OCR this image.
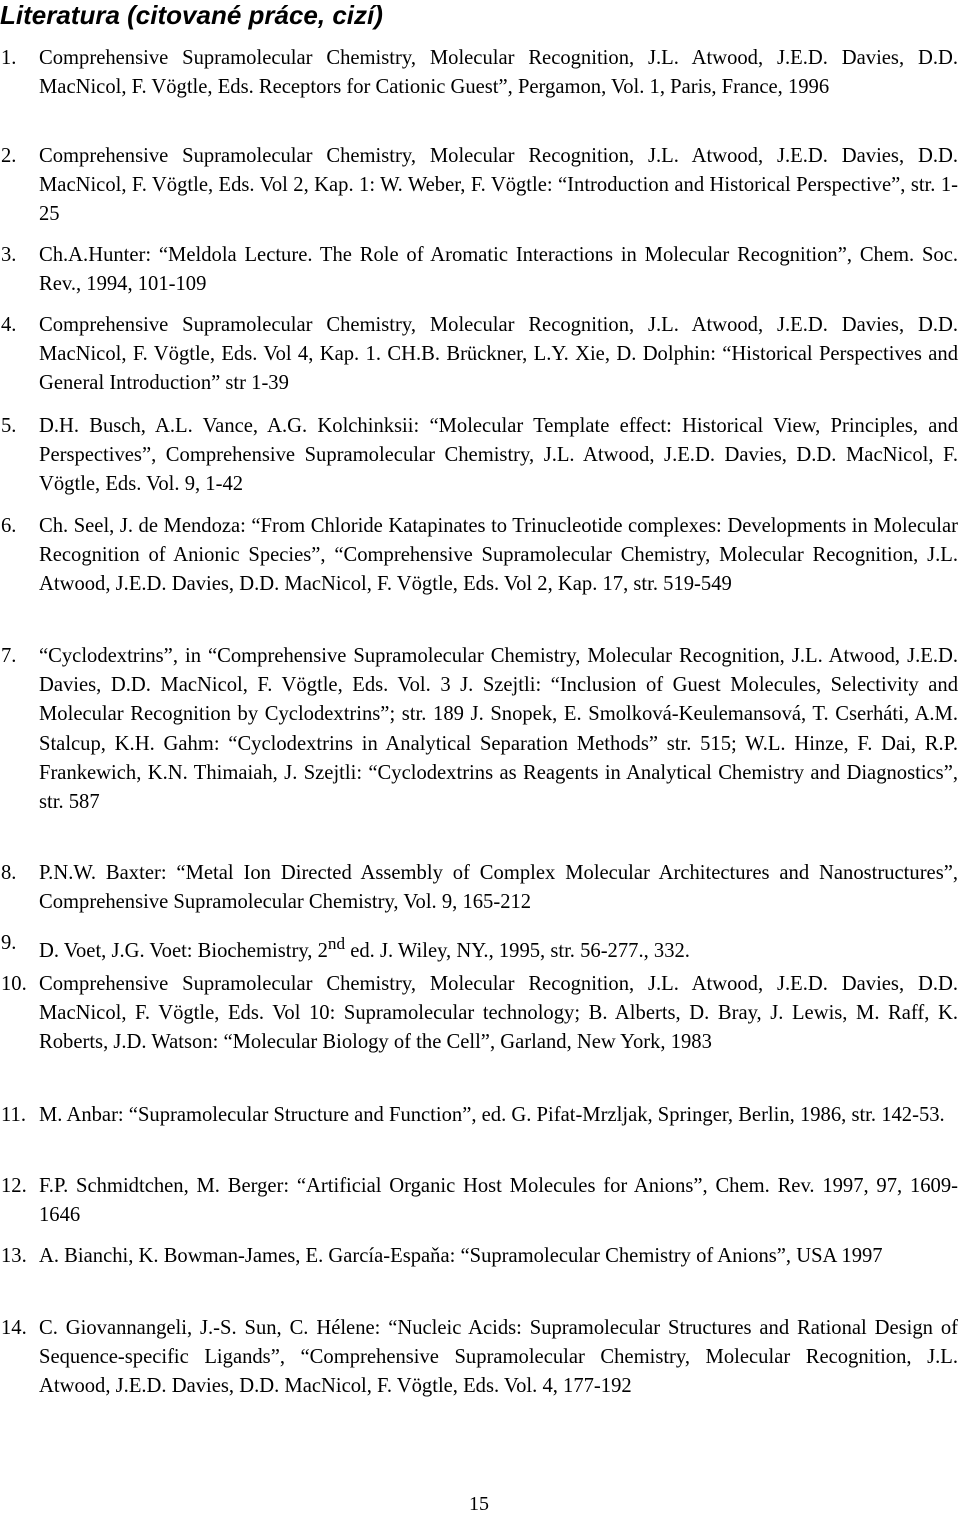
Literatura (citované práce, cizí)
1.	Comprehensive Supramolecular Chemistry, Molecular Recognition, J.L. Atwood, J.E.D. Davies, D.D. MacNicol, F. Vögtle, Eds. Receptors for Cationic Guest”, Pergamon, Vol. 1, Paris, France, 1996
2.	Comprehensive Supramolecular Chemistry, Molecular Recognition, J.L. Atwood, J.E.D. Davies, D.D. MacNicol, F. Vögtle, Eds. Vol 2, Kap. 1: W. Weber, F. Vögtle: “Introduction and Historical Perspective”, str. 1-25
3.	Ch.A.Hunter: “Meldola Lecture. The Role of Aromatic Interactions in Molecular Recognition”, Chem. Soc. Rev., 1994, 101-109
4.	Comprehensive Supramolecular Chemistry, Molecular Recognition, J.L. Atwood, J.E.D. Davies, D.D. MacNicol, F. Vögtle, Eds. Vol 4, Kap. 1. CH.B. Brückner, L.Y. Xie, D. Dolphin: “Historical Perspectives and General Introduction” str 1-39
5.	D.H. Busch, A.L. Vance, A.G. Kolchinksii: “Molecular Template effect: Historical View, Principles, and Perspectives”, Comprehensive Supramolecular Chemistry, J.L. Atwood, J.E.D. Davies, D.D. MacNicol, F. Vögtle, Eds. Vol. 9, 1-42
6.	Ch. Seel, J. de Mendoza: “From Chloride Katapinates to Trinucleotide complexes: Developments in Molecular Recognition of Anionic Species”, “Comprehensive Supramolecular Chemistry, Molecular Recognition, J.L. Atwood, J.E.D. Davies, D.D. MacNicol, F. Vögtle, Eds. Vol 2, Kap. 17, str. 519-549
7.	“Cyclodextrins”, in “Comprehensive Supramolecular Chemistry, Molecular Recognition, J.L. Atwood, J.E.D. Davies, D.D. MacNicol, F. Vögtle, Eds. Vol. 3 J. Szejtli: “Inclusion of Guest Molecules, Selectivity and Molecular Recognition by Cyclodextrins”; str. 189 J. Snopek, E. Smolková-Keulemansová, T. Cserháti, A.M. Stalcup, K.H. Gahm: “Cyclodextrins in Analytical Separation Methods” str. 515; W.L. Hinze, F. Dai, R.P. Frankewich, K.N. Thimaiah, J. Szejtli: “Cyclodextrins as Reagents in Analytical Chemistry and Diagnostics”, str. 587
8.	P.N.W. Baxter: “Metal Ion Directed Assembly of Complex Molecular Architectures and Nanostructures”, Comprehensive Supramolecular Chemistry, Vol. 9, 165-212
9.	D. Voet, J.G. Voet: Biochemistry, 2nd ed. J. Wiley, NY., 1995, str. 56-277., 332.
10. Comprehensive Supramolecular Chemistry, Molecular Recognition, J.L. Atwood, J.E.D. Davies, D.D. MacNicol, F. Vögtle, Eds. Vol 10: Supramolecular technology; B. Alberts, D. Bray, J. Lewis, M. Raff, K. Roberts, J.D. Watson: “Molecular Biology of the Cell”, Garland, New York, 1983
11. M. Anbar: “Supramolecular Structure and Function”, ed. G. Pifat-Mrzljak, Springer, Berlin, 1986, str. 142-53.
12. F.P. Schmidtchen, M. Berger: “Artificial Organic Host Molecules for Anions”, Chem. Rev. 1997, 97, 1609-1646
13. A. Bianchi, K. Bowman-James, E. García-Espaňa: “Supramolecular Chemistry of Anions”, USA 1997
14. C. Giovannangeli, J.-S. Sun, C. Hélene: “Nucleic Acids: Supramolecular Structures and Rational Design of Sequence-specific Ligands”, “Comprehensive Supramolecular Chemistry, Molecular Recognition, J.L. Atwood, J.E.D. Davies, D.D. MacNicol, F. Vögtle, Eds. Vol. 4, 177-192
15
